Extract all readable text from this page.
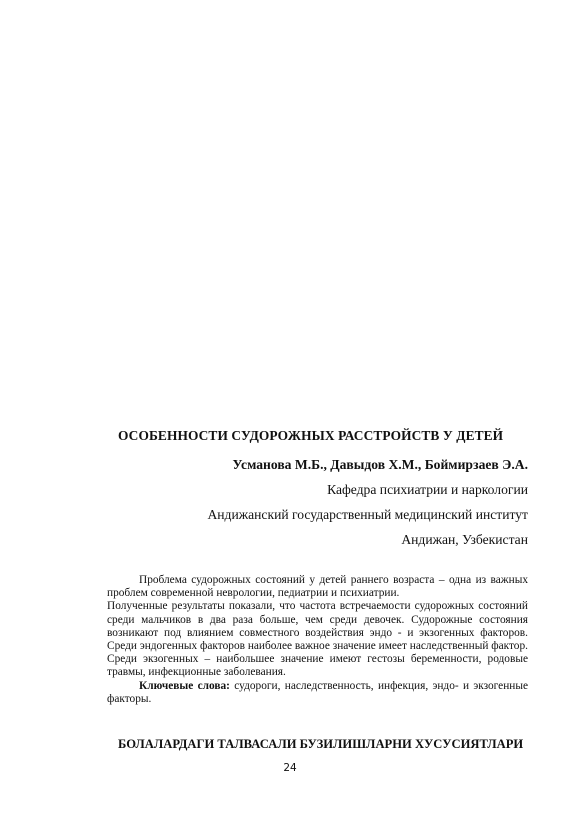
ОСОБЕННОСТИ СУДОРОЖНЫХ РАССТРОЙСТВ У ДЕТЕЙ
Усманова М.Б., Давыдов Х.М., Боймирзаев Э.А.
Кафедра психиатрии и наркологии
Андижанский государственный медицинский институт
Андижан, Узбекистан

Проблема судорожных состояний у детей раннего возраста – одна из важных проблем современной неврологии, педиатрии и психиатрии.

Полученные результаты показали, что частота встречаемости судорожных состояний среди мальчиков в два раза больше, чем среди девочек. Судорожные состояния возникают под влиянием совместного воздействия эндо - и экзогенных факторов. Среди эндогенных факторов наиболее важное значение имеет наследственный фактор. Среди экзогенных – наибольшее значение имеют гестозы беременности, родовые травмы, инфекционные заболевания.

Ключевые слова: судороги, наследственность, инфекция, эндо- и экзогенные факторы.

БОЛАЛАРДАГИ ТАЛВАСАЛИ БУЗИЛИШЛАРНИ ХУСУСИЯТЛАРИ
24
